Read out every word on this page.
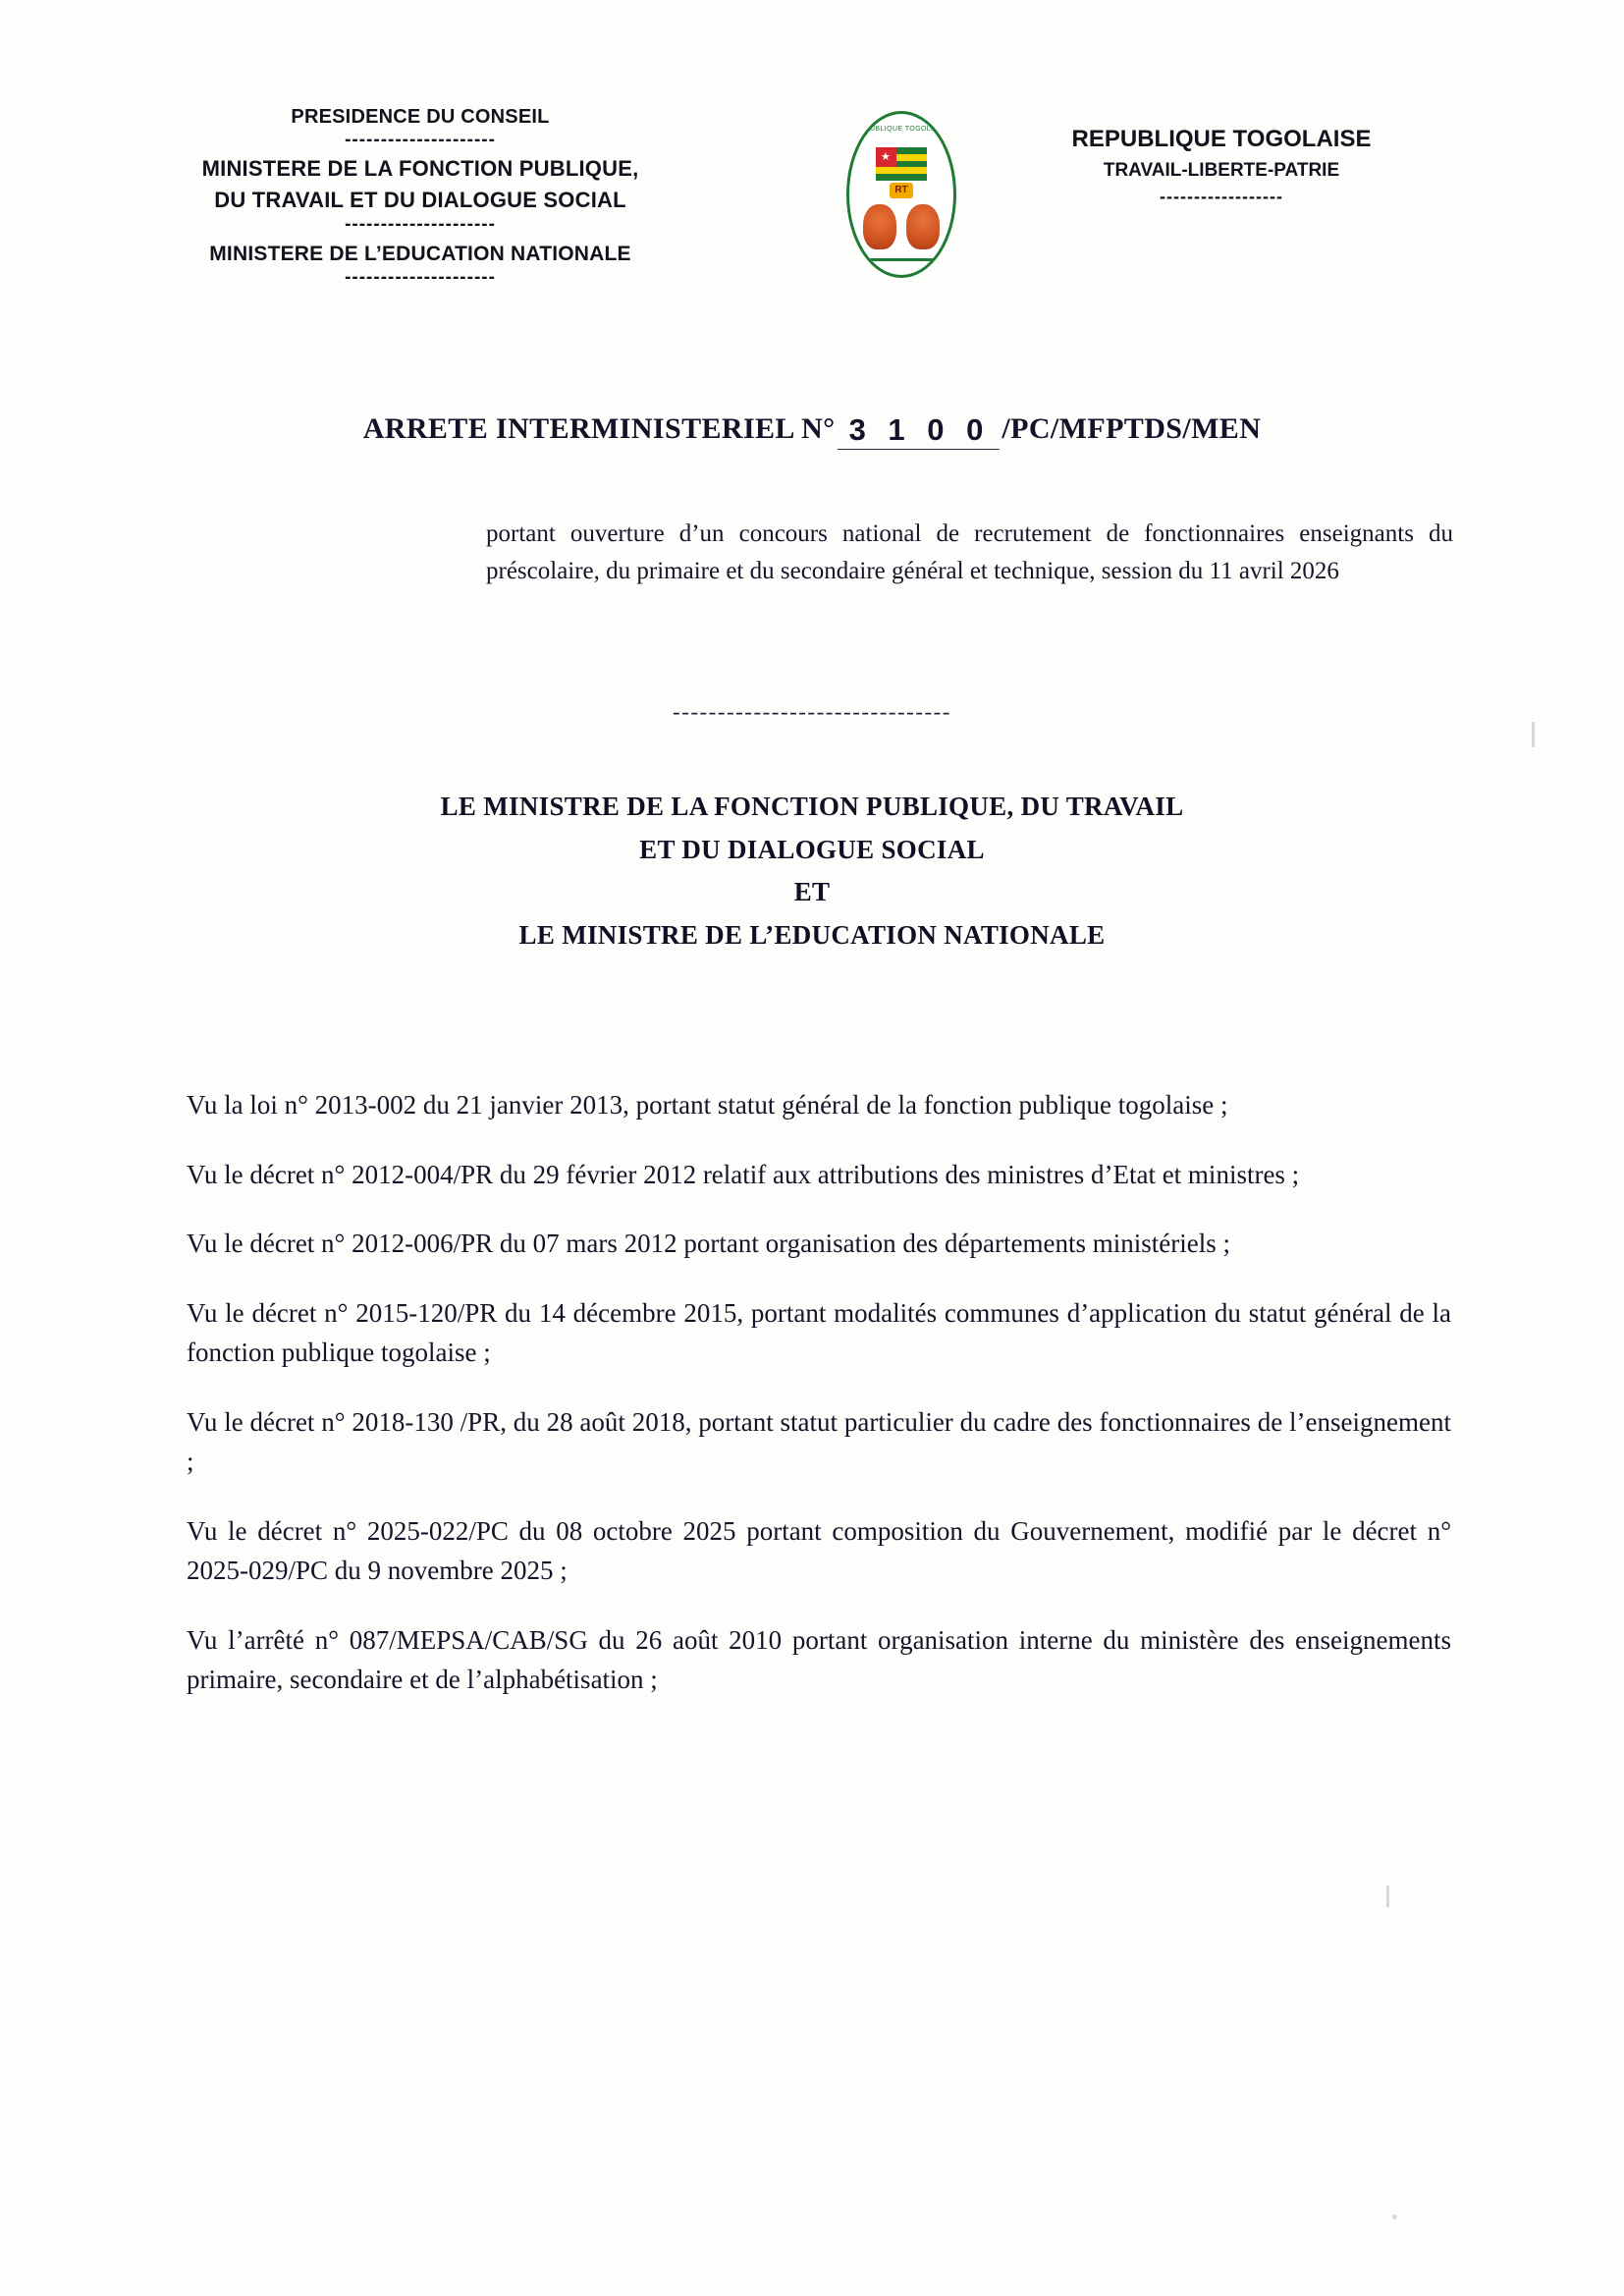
PRESIDENCE DU CONSEIL
---------------------
MINISTERE DE LA FONCTION PUBLIQUE,
DU TRAVAIL ET DU DIALOGUE SOCIAL
---------------------
MINISTERE DE L’EDUCATION NATIONALE
---------------------
REPUBLIQUE TOGOLAISE
★
RT
REPUBLIQUE TOGOLAISE
TRAVAIL-LIBERTE-PATRIE
------------------
ARRETE INTERMINISTERIEL N° 3 1 0 0 /PC/MFPTDS/MEN
portant ouverture d’un concours national de recrutement de fonctionnaires enseignants du préscolaire, du primaire et du secondaire général et technique, session du 11 avril 2026
-------------------------------
LE MINISTRE DE LA FONCTION PUBLIQUE, DU TRAVAIL
ET DU DIALOGUE SOCIAL
ET
LE MINISTRE DE L’EDUCATION NATIONALE

Vu la loi n° 2013-002 du 21 janvier 2013, portant statut général de la fonction publique togolaise ;

Vu le décret n° 2012-004/PR du 29 février 2012 relatif aux attributions des ministres d’Etat et ministres ;

Vu le décret n° 2012-006/PR du 07 mars 2012 portant organisation des départements ministériels ;

Vu le décret n° 2015-120/PR du 14 décembre 2015, portant modalités communes d’application du statut général de la fonction publique togolaise ;

Vu le décret n° 2018-130 /PR, du 28 août 2018, portant statut particulier du cadre des fonctionnaires de l’enseignement ;

Vu le décret n° 2025-022/PC du 08 octobre 2025 portant composition du Gouvernement, modifié par le décret n° 2025-029/PC du 9 novembre 2025 ;

Vu l’arrêté n° 087/MEPSA/CAB/SG du 26 août 2010 portant organisation interne du ministère des enseignements primaire, secondaire et de l’alphabétisation ;
